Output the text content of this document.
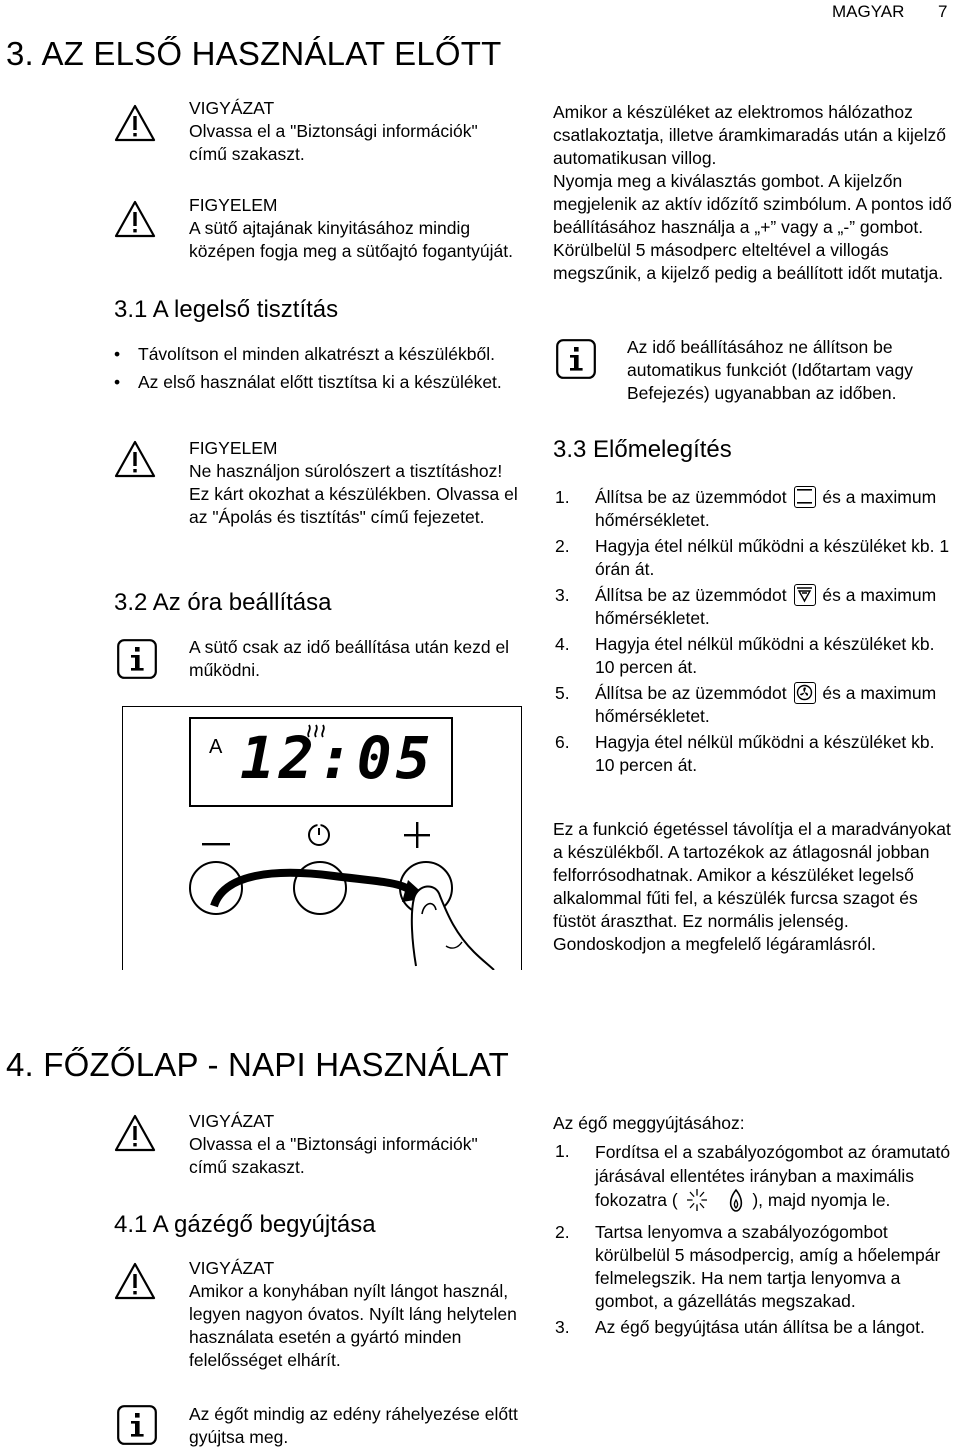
MAGYAR 7
3. AZ ELSŐ HASZNÁLAT ELŐTT
VIGYÁZAT

Olvassa el a "Biztonsági információk" című szakaszt.

FIGYELEM

A sütő ajtajának kinyitásához mindig középen fogja meg a sütőajtó fogantyúját.

3.1 A legelső tisztítás
• Távolítson el minden alkatrészt a készülékből.
• Az első használat előtt tisztítsa ki a készüléket.
FIGYELEM

Ne használjon súrolószert a tisztításhoz! Ez kárt okozhat a készülékben. Olvassa el az "Ápolás és tisztítás" című fejezetet.

3.2 Az óra beállítása

A sütő csak az idő beállítása után kezd el működni.

A 12:05

Amikor a készüléket az elektromos hálózathoz csatlakoztatja, illetve áramkimaradás után a kijelző automatikusan villog.

Nyomja meg a kiválasztás gombot. A kijelzőn megjelenik az aktív időzítő szimbólum. A pontos idő beállításához használja a „+” vagy a „-” gombot.

Körülbelül 5 másodperc elteltével a villogás megszűnik, a kijelző pedig a beállított időt mutatja.

Az idő beállításához ne állítson be automatikus funkciót (Időtartam vagy Befejezés) ugyanabban az időben.

3.3 Előmelegítés
1.	Állítsa be az üzemmódot és a maximum hőmérsékletet.
2.	Hagyja étel nélkül működni a készüléket kb. 1 órán át.
3.	Állítsa be az üzemmódot és a maximum hőmérsékletet.
4.	Hagyja étel nélkül működni a készüléket kb. 10 percen át.
5.	Állítsa be az üzemmódot és a maximum hőmérsékletet.
6.	Hagyja étel nélkül működni a készüléket kb. 10 percen át.

Ez a funkció égetéssel távolítja el a maradványokat a készülékből. A tartozékok az átlagosnál jobban felforrósodhatnak. Amikor a készüléket legelső alkalommal fűti fel, a készülék furcsa szagot és füstöt áraszthat. Ez normális jelenség. Gondoskodjon a megfelelő légáramlásról.

4. FŐZŐLAP - NAPI HASZNÁLAT
VIGYÁZAT

Olvassa el a "Biztonsági információk" című szakaszt.

4.1 A gázégő begyújtása
VIGYÁZAT

Amikor a konyhában nyílt lángot használ, legyen nagyon óvatos. Nyílt láng helytelen használata esetén a gyártó minden felelősséget elhárít.

Az égőt mindig az edény ráhelyezése előtt gyújtsa meg.

Az égő meggyújtásához:

1.	Fordítsa el a szabályozógombot az óramutató járásával ellentétes irányban a maximális fokozatra (	), majd nyomja le.
2.	Tartsa lenyomva a szabályozógombot körülbelül 5 másodpercig, amíg a hőelempár felmelegszik. Ha nem tartja lenyomva a gombot, a gázellátás megszakad.
3.	Az égő begyújtása után állítsa be a lángot.
